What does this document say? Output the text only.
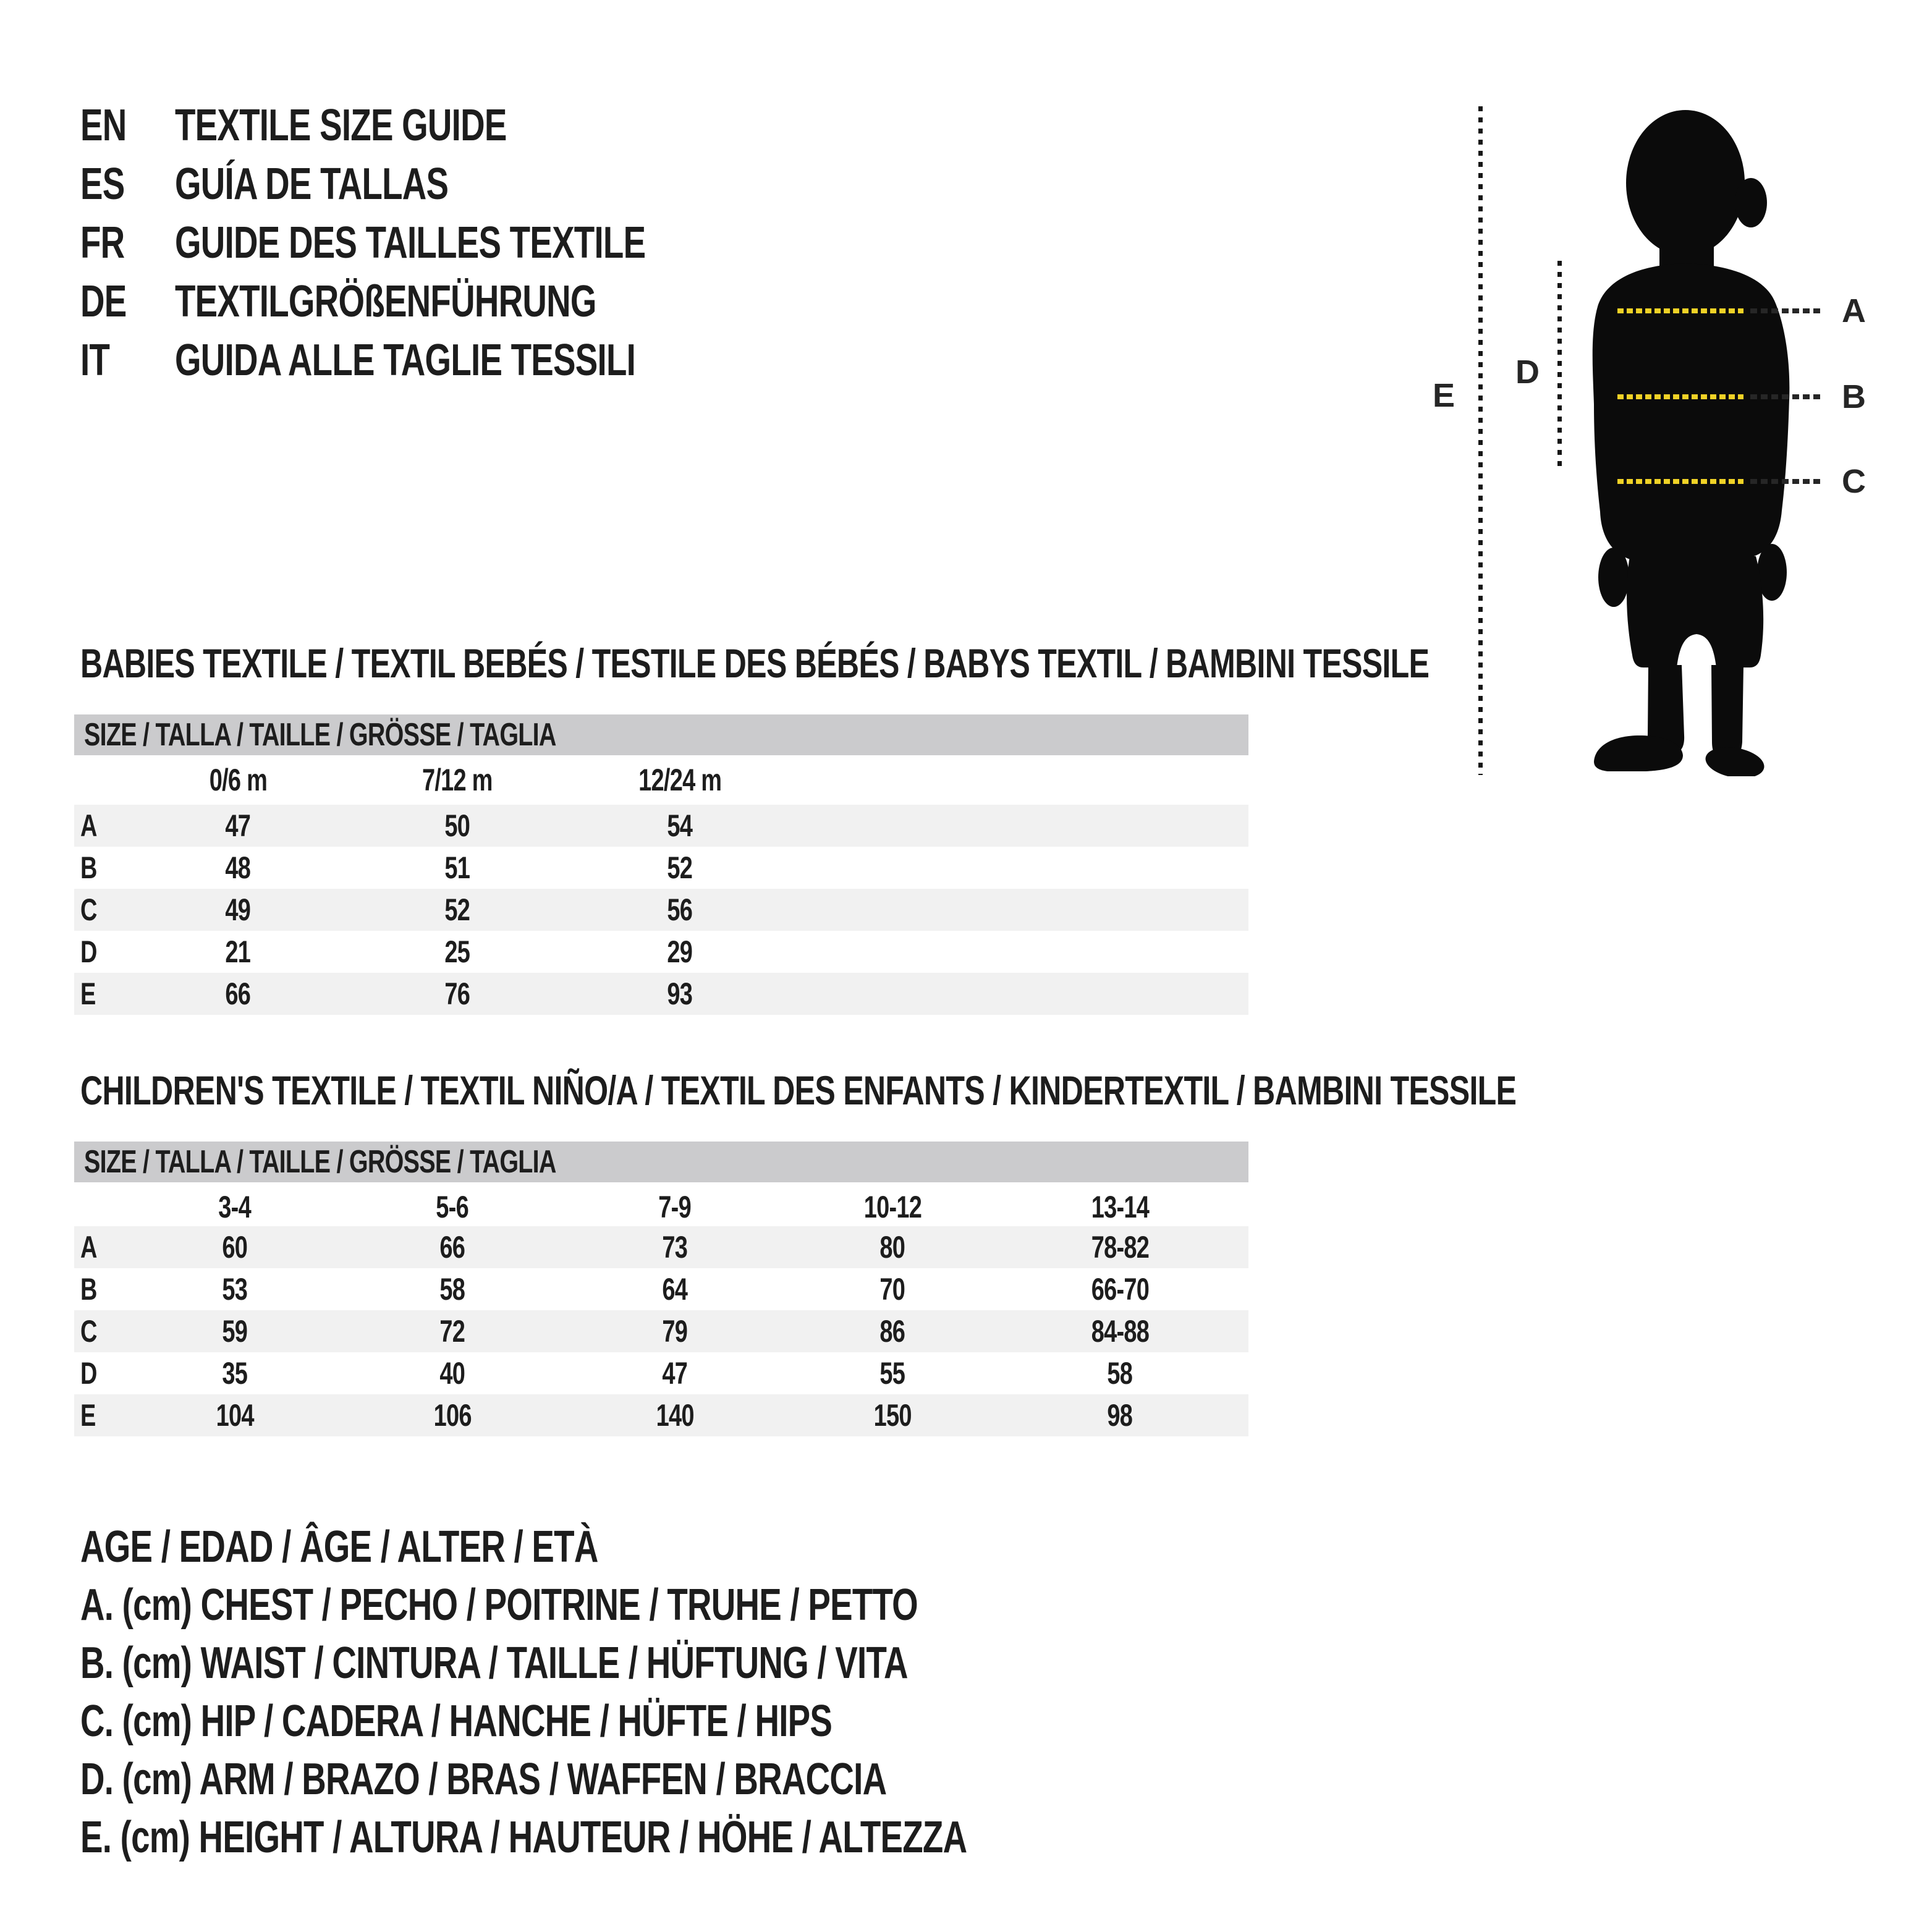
EN	TEXTILE SIZE GUIDE
ES	GUÍA DE TALLAS
FR	GUIDE DES TAILLES TEXTILE
DE	TEXTILGRÖßENFÜHRUNG
IT GUIDA ALLE TAGLIE TESSILI
A
B
C
D
E
BABIES TEXTILE / TEXTIL BEBÉS / TESTILE DES BÉBÉS / BABYS TEXTIL / BAMBINI TESSILE
SIZE / TALLA / TAILLE / GRÖSSE / TAGLIA
0/6 m	7/12 m	12/24 m
A	47	50	54
B	48	51	52
C	49	52	56
D	21	25	29
E	66	76	93
CHILDREN'S TEXTILE / TEXTIL NIÑO/A / TEXTIL DES ENFANTS / KINDERTEXTIL / BAMBINI TESSILE
SIZE / TALLA / TAILLE / GRÖSSE / TAGLIA
3-4	5-6	7-9	10-12	13-14
A	60	66	73	80	78-82
B	53	58	64	70	66-70
C	59	72	79	86	84-88
D	35	40	47	55	58
E	104	106	140	150	98
AGE / EDAD / ÂGE / ALTER / ETÀ
A. (cm) CHEST / PECHO / POITRINE / TRUHE / PETTO
B. (cm) WAIST / CINTURA / TAILLE / HÜFTUNG / VITA
C. (cm) HIP / CADERA / HANCHE / HÜFTE / HIPS
D. (cm) ARM / BRAZO / BRAS / WAFFEN / BRACCIA
E. (cm) HEIGHT / ALTURA / HAUTEUR / HÖHE / ALTEZZA
